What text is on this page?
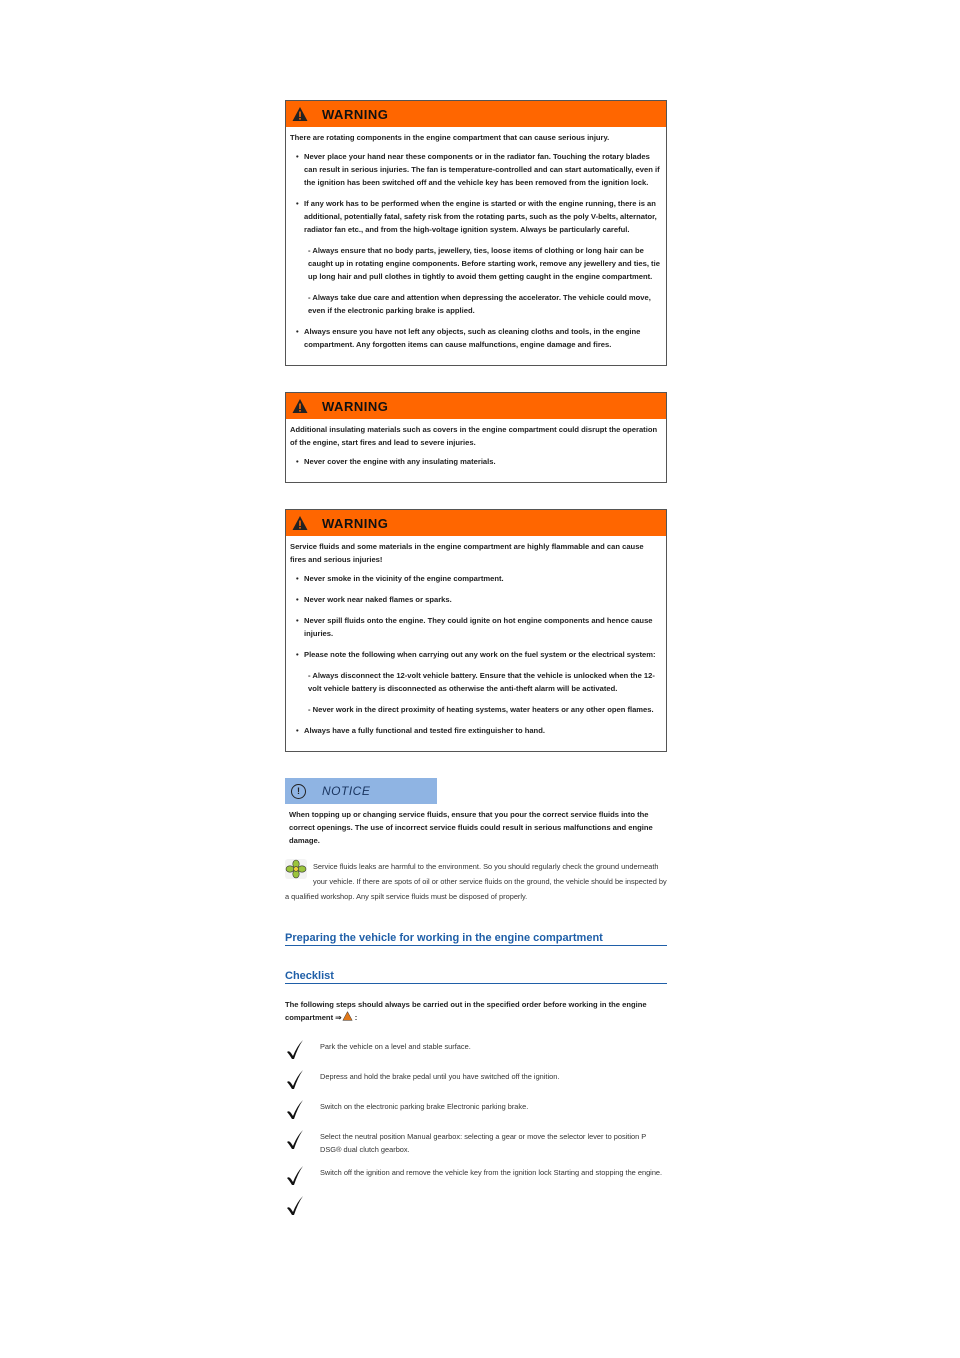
WARNING

There are rotating components in the engine compartment that can cause serious injury.

• Never place your hand near these components or in the radiator fan. Touching the rotary blades can result in serious injuries. The fan is temperature-controlled and can start automatically, even if the ignition has been switched off and the vehicle key has been removed from the ignition lock.
• If any work has to be performed when the engine is started or with the engine running, there is an additional, potentially fatal, safety risk from the rotating parts, such as the poly V-belts, alternator, radiator fan etc., and from the high-voltage ignition system. Always be particularly careful.
- Always ensure that no body parts, jewellery, ties, loose items of clothing or long hair can be caught up in rotating engine components. Before starting work, remove any jewellery and ties, tie up long hair and pull clothes in tightly to avoid them getting caught in the engine compartment.
- Always take due care and attention when depressing the accelerator. The vehicle could move, even if the electronic parking brake is applied.
• Always ensure you have not left any objects, such as cleaning cloths and tools, in the engine compartment. Any forgotten items can cause malfunctions, engine damage and fires.
WARNING

Additional insulating materials such as covers in the engine compartment could disrupt the operation of the engine, start fires and lead to severe injuries.

• Never cover the engine with any insulating materials.
WARNING

Service fluids and some materials in the engine compartment are highly flammable and can cause fires and serious injuries!

• Never smoke in the vicinity of the engine compartment.
• Never work near naked flames or sparks.
• Never spill fluids onto the engine. They could ignite on hot engine components and hence cause injuries.
• Please note the following when carrying out any work on the fuel system or the electrical system:
- Always disconnect the 12-volt vehicle battery. Ensure that the vehicle is unlocked when the 12-volt vehicle battery is disconnected as otherwise the anti-theft alarm will be activated.
- Never work in the direct proximity of heating systems, water heaters or any other open flames.
• Always have a fully functional and tested fire extinguisher to hand.
!	NOTICE
When topping up or changing service fluids, ensure that you pour the correct service fluids into the correct openings. The use of incorrect service fluids could result in serious malfunctions and engine damage.
Service fluids leaks are harmful to the environment. So you should regularly check the ground underneath your vehicle. If there are spots of oil or other service fluids on the ground, the vehicle should be inspected by a qualified workshop. Any spilt service fluids must be disposed of properly.
Preparing the vehicle for working in the engine compartment
Checklist
The following steps should always be carried out in the specified order before working in the engine compartment ⇒ :
Park the vehicle on a level and stable surface.
Depress and hold the brake pedal until you have switched off the ignition.
Switch on the electronic parking brake Electronic parking brake.
Select the neutral position Manual gearbox: selecting a gear or move the selector lever to position P DSG® dual clutch gearbox.
Switch off the ignition and remove the vehicle key from the ignition lock Starting and stopping the engine.
